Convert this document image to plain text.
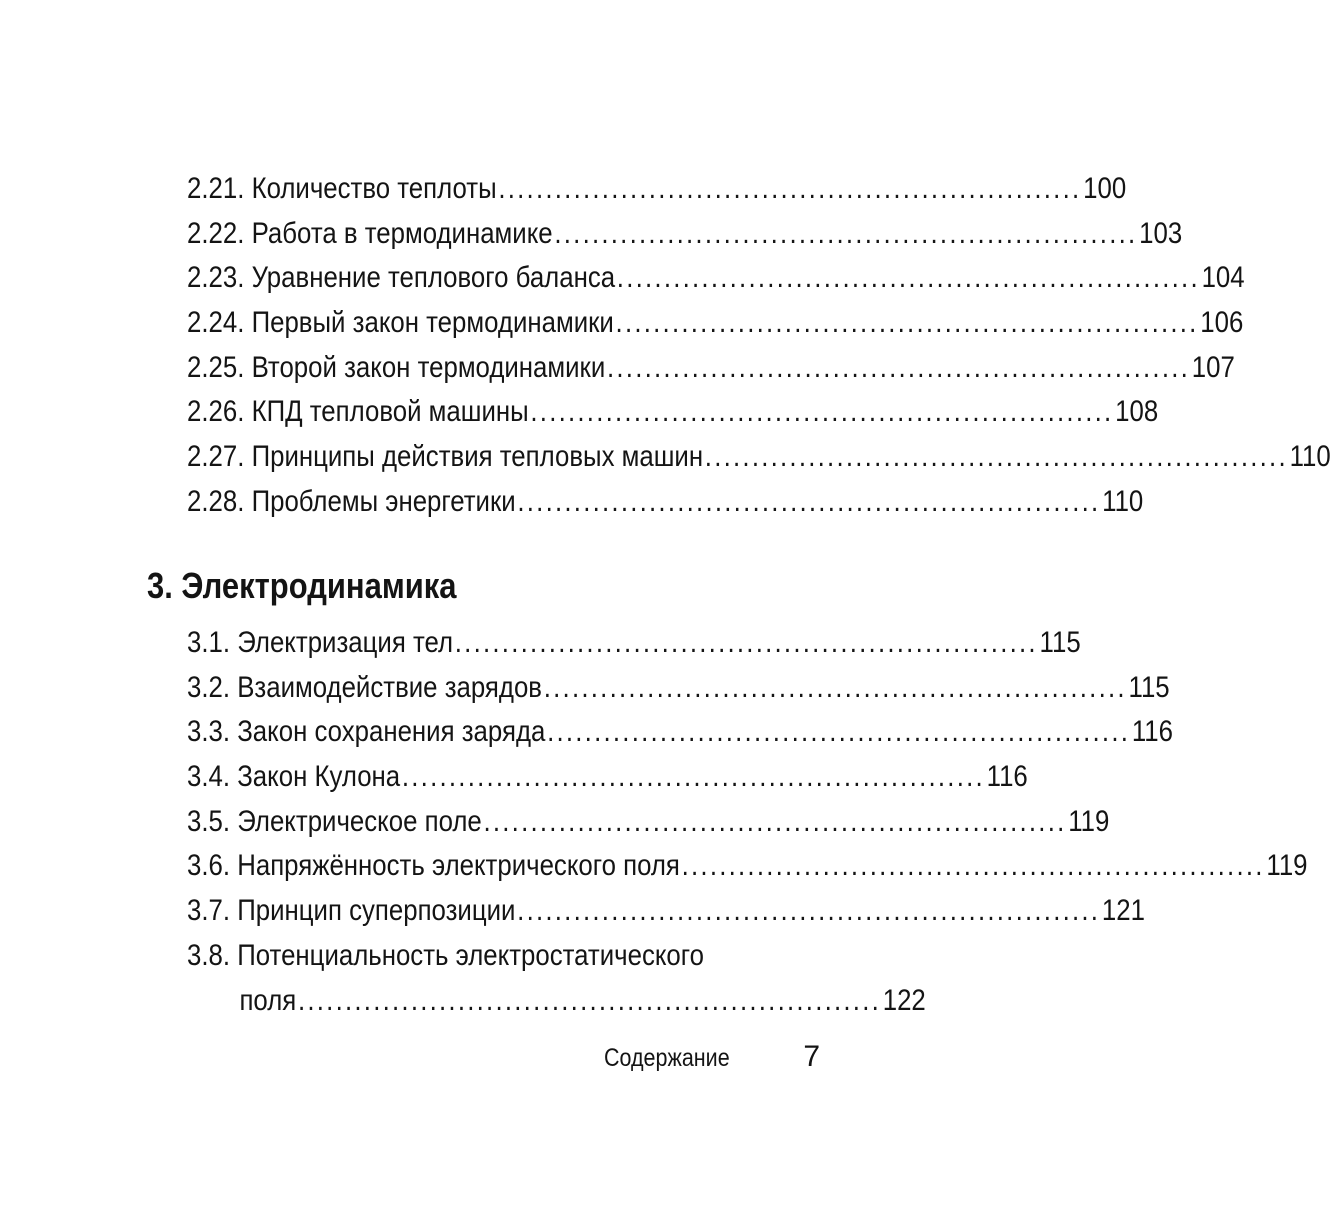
2.21.
Количество теплоты .............................................................. 100
2.22.
Работа в термодинамике .............................................................. 103
2.23.
Уравнение теплового баланса .............................................................. 104
2.24.
Первый закон термодинамики .............................................................. 106
2.25.
Второй закон термодинамики .............................................................. 107
2.26.
КПД тепловой машины .............................................................. 108
2.27.
Принципы действия тепловых машин .............................................................. 110
2.28.
Проблемы энергетики .............................................................. 110
3. Электродинамика
3.1.
Электризация тел .............................................................. 115
3.2.
Взаимодействие зарядов .............................................................. 115
3.3.
Закон сохранения заряда .............................................................. 116
3.4.
Закон Кулона .............................................................. 116
3.5.
Электрическое поле .............................................................. 119
3.6.
Напряжённость электрического поля .............................................................. 119
3.7.
Принцип суперпозиции .............................................................. 121
3.8.
Потенциальность электростатического
поля .............................................................. 122
Содержание 7
